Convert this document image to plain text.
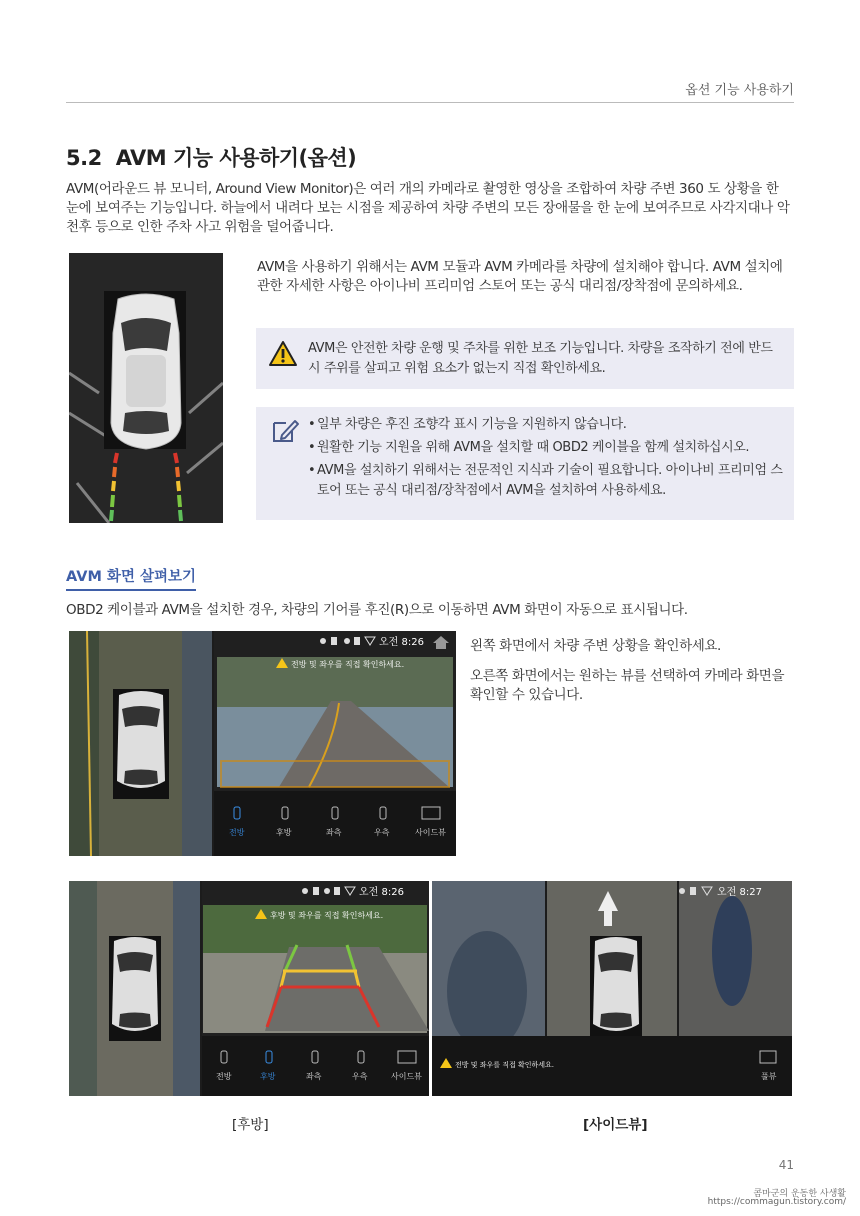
옵션 기능 사용하기
5.2 AVM 기능 사용하기(옵션)

AVM(어라운드 뷰 모니터, Around View Monitor)은 여러 개의 카메라로 촬영한 영상을 조합하여 차량 주변 360 도 상황을 한 눈에 보여주는 기능입니다. 하늘에서 내려다 보는 시점을 제공하여 차량 주변의 모든 장애물을 한 눈에 보여주므로 사각지대나 악천후 등으로 인한 주차 사고 위험을 덜어줍니다.

AVM을 사용하기 위해서는 AVM 모듈과 AVM 카메라를 차량에 설치해야 합니다. AVM 설치에 관한 자세한 사항은 아이나비 프리미엄 스토어 또는 공식 대리점/장착점에 문의하세요.

AVM은 안전한 차량 운행 및 주차를 위한 보조 기능입니다. 차량을 조작하기 전에 반드시 주위를 살피고 위험 요소가 없는지 직접 확인하세요.

• 일부 차량은 후진 조향각 표시 기능을 지원하지 않습니다.
• 원활한 기능 지원을 위해 AVM을 설치할 때 OBD2 케이블을 함께 설치하십시오.
• AVM을 설치하기 위해서는 전문적인 지식과 기술이 필요합니다. 아이나비 프리미엄 스토어 또는 공식 대리점/장착점에서 AVM을 설치하여 사용하세요.
AVM 화면 살펴보기

OBD2 케이블과 AVM을 설치한 경우, 차량의 기어를 후진(R)으로 이동하면 AVM 화면이 자동으로 표시됩니다.

오전 8:26
전방 및 좌우를 직접 확인하세요.
전방	후방	좌측	우측	사이드뷰

왼쪽 화면에서 차량 주변 상황을 확인하세요.

오른쪽 화면에서는 원하는 뷰를 선택하여 카메라 화면을 확인할 수 있습니다.

오전 8:26
후방 및 좌우를 직접 확인하세요.
전방	후방	좌측	우측	사이드뷰
오전 8:27
전방 및 좌우를 직접 확인하세요.
풀뷰
[후방]	[사이드뷰]
41
콤마군의 운동한 사생활
https://commagun.tistory.com/
